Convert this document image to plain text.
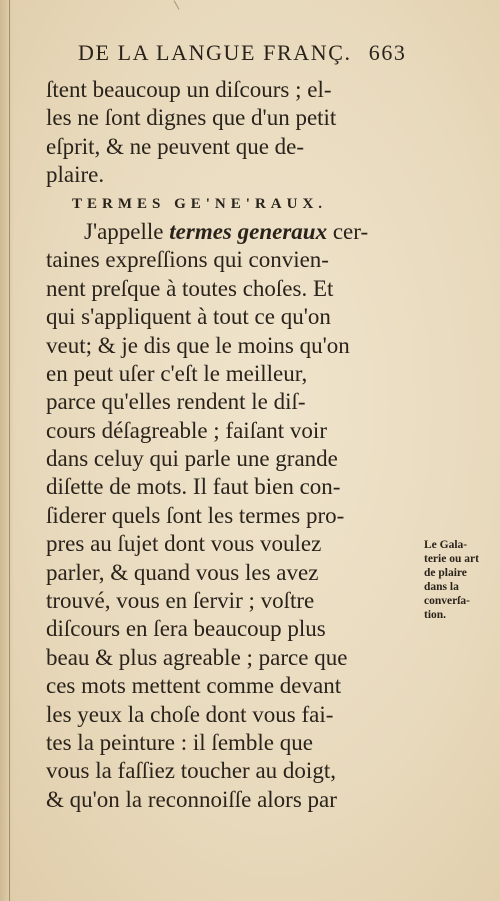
DE LA LANGUE FRANÇ. 663
ſtent beaucoup un diſcours ; el-
les ne ſont dignes que d'un petit
eſprit, & ne peuvent que de-
plaire.
TERMES GE'NE'RAUX.
J'appelle termes generaux cer-
taines expreſſions qui convien-
nent preſque à toutes choſes. Et
qui s'appliquent à tout ce qu'on
veut; & je dis que le moins qu'on
en peut uſer c'eſt le meilleur,
parce qu'elles rendent le diſ-
cours déſagreable ; faiſant voir
dans celuy qui parle une grande
diſette de mots. Il faut bien con-
ſiderer quels ſont les termes pro-
pres au ſujet dont vous voulez
parler, & quand vous les avez
trouvé, vous en ſervir ; voſtre
diſcours en ſera beaucoup plus
beau & plus agreable ; parce que
ces mots mettent comme devant
les yeux la choſe dont vous fai-
tes la peinture : il ſemble que
vous la faſſiez toucher au doigt,
& qu'on la reconnoiſſe alors par
Le Gala-
terie ou art
de plaire
dans la
converſa-
tion.
